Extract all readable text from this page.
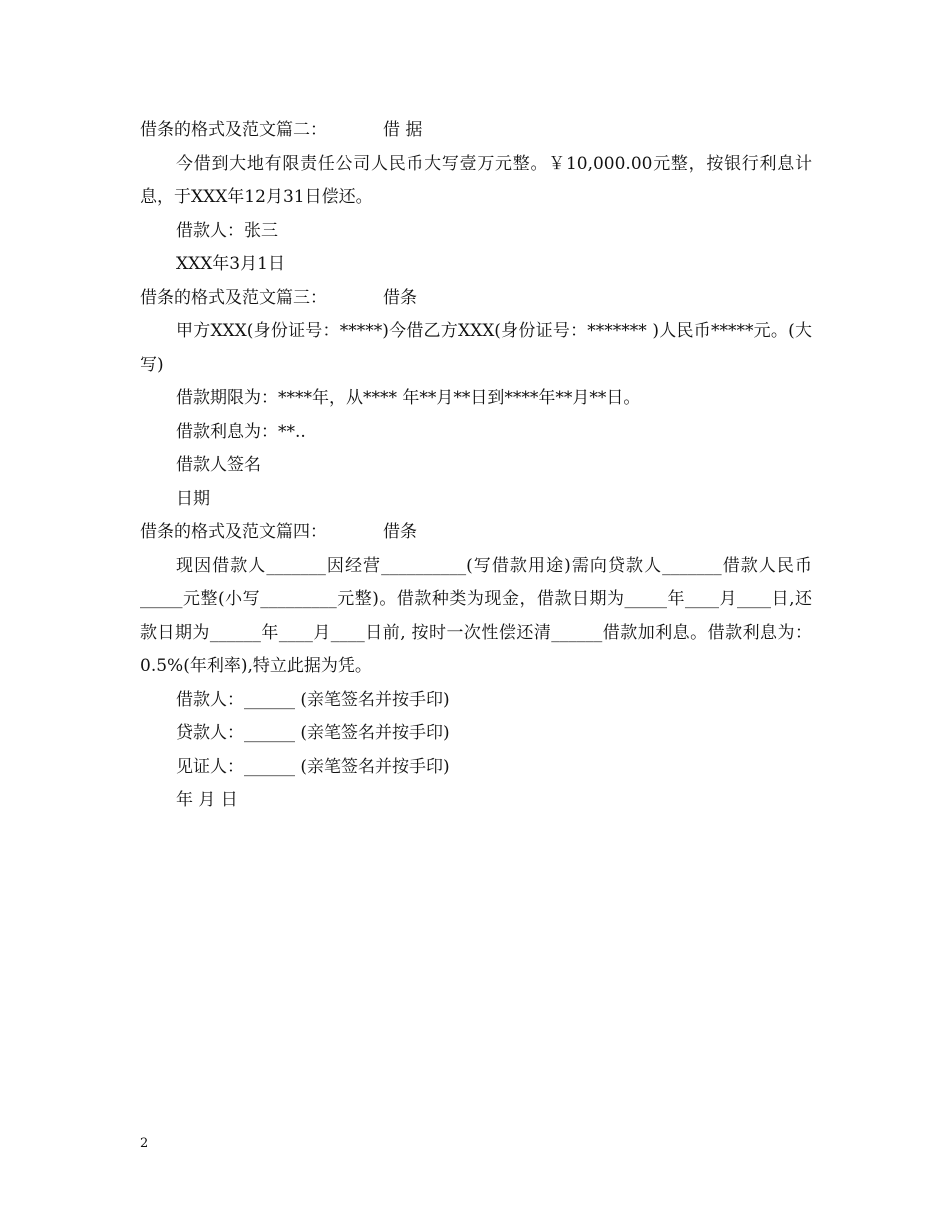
借条的格式及范文篇二：	借 据

今借到大地有限责任公司人民币大写壹万元整。￥10,000.00元整，按银行利息计息，于XXX年12月31日偿还。

借款人：张三

XXX年3月1日

借条的格式及范文篇三：	借条

甲方XXX(身份证号：*****)今借乙方XXX(身份证号：******* )人民币*****元。(大写)

借款期限为：****年，从**** 年**月**日到****年**月**日。

借款利息为：**..

借款人签名

日期

借条的格式及范文篇四：	借条

现因借款人_______因经营__________(写借款用途)需向贷款人_______借款人民币_____元整(小写_________元整)。借款种类为现金，借款日期为_____年____月____日,还款日期为______年____月____日前, 按时一次性偿还清______借款加利息。借款利息为： 0.5%(年利率),特立此据为凭。

借款人：______ (亲笔签名并按手印)

贷款人：______ (亲笔签名并按手印)

见证人：______ (亲笔签名并按手印)

年 月 日

2
